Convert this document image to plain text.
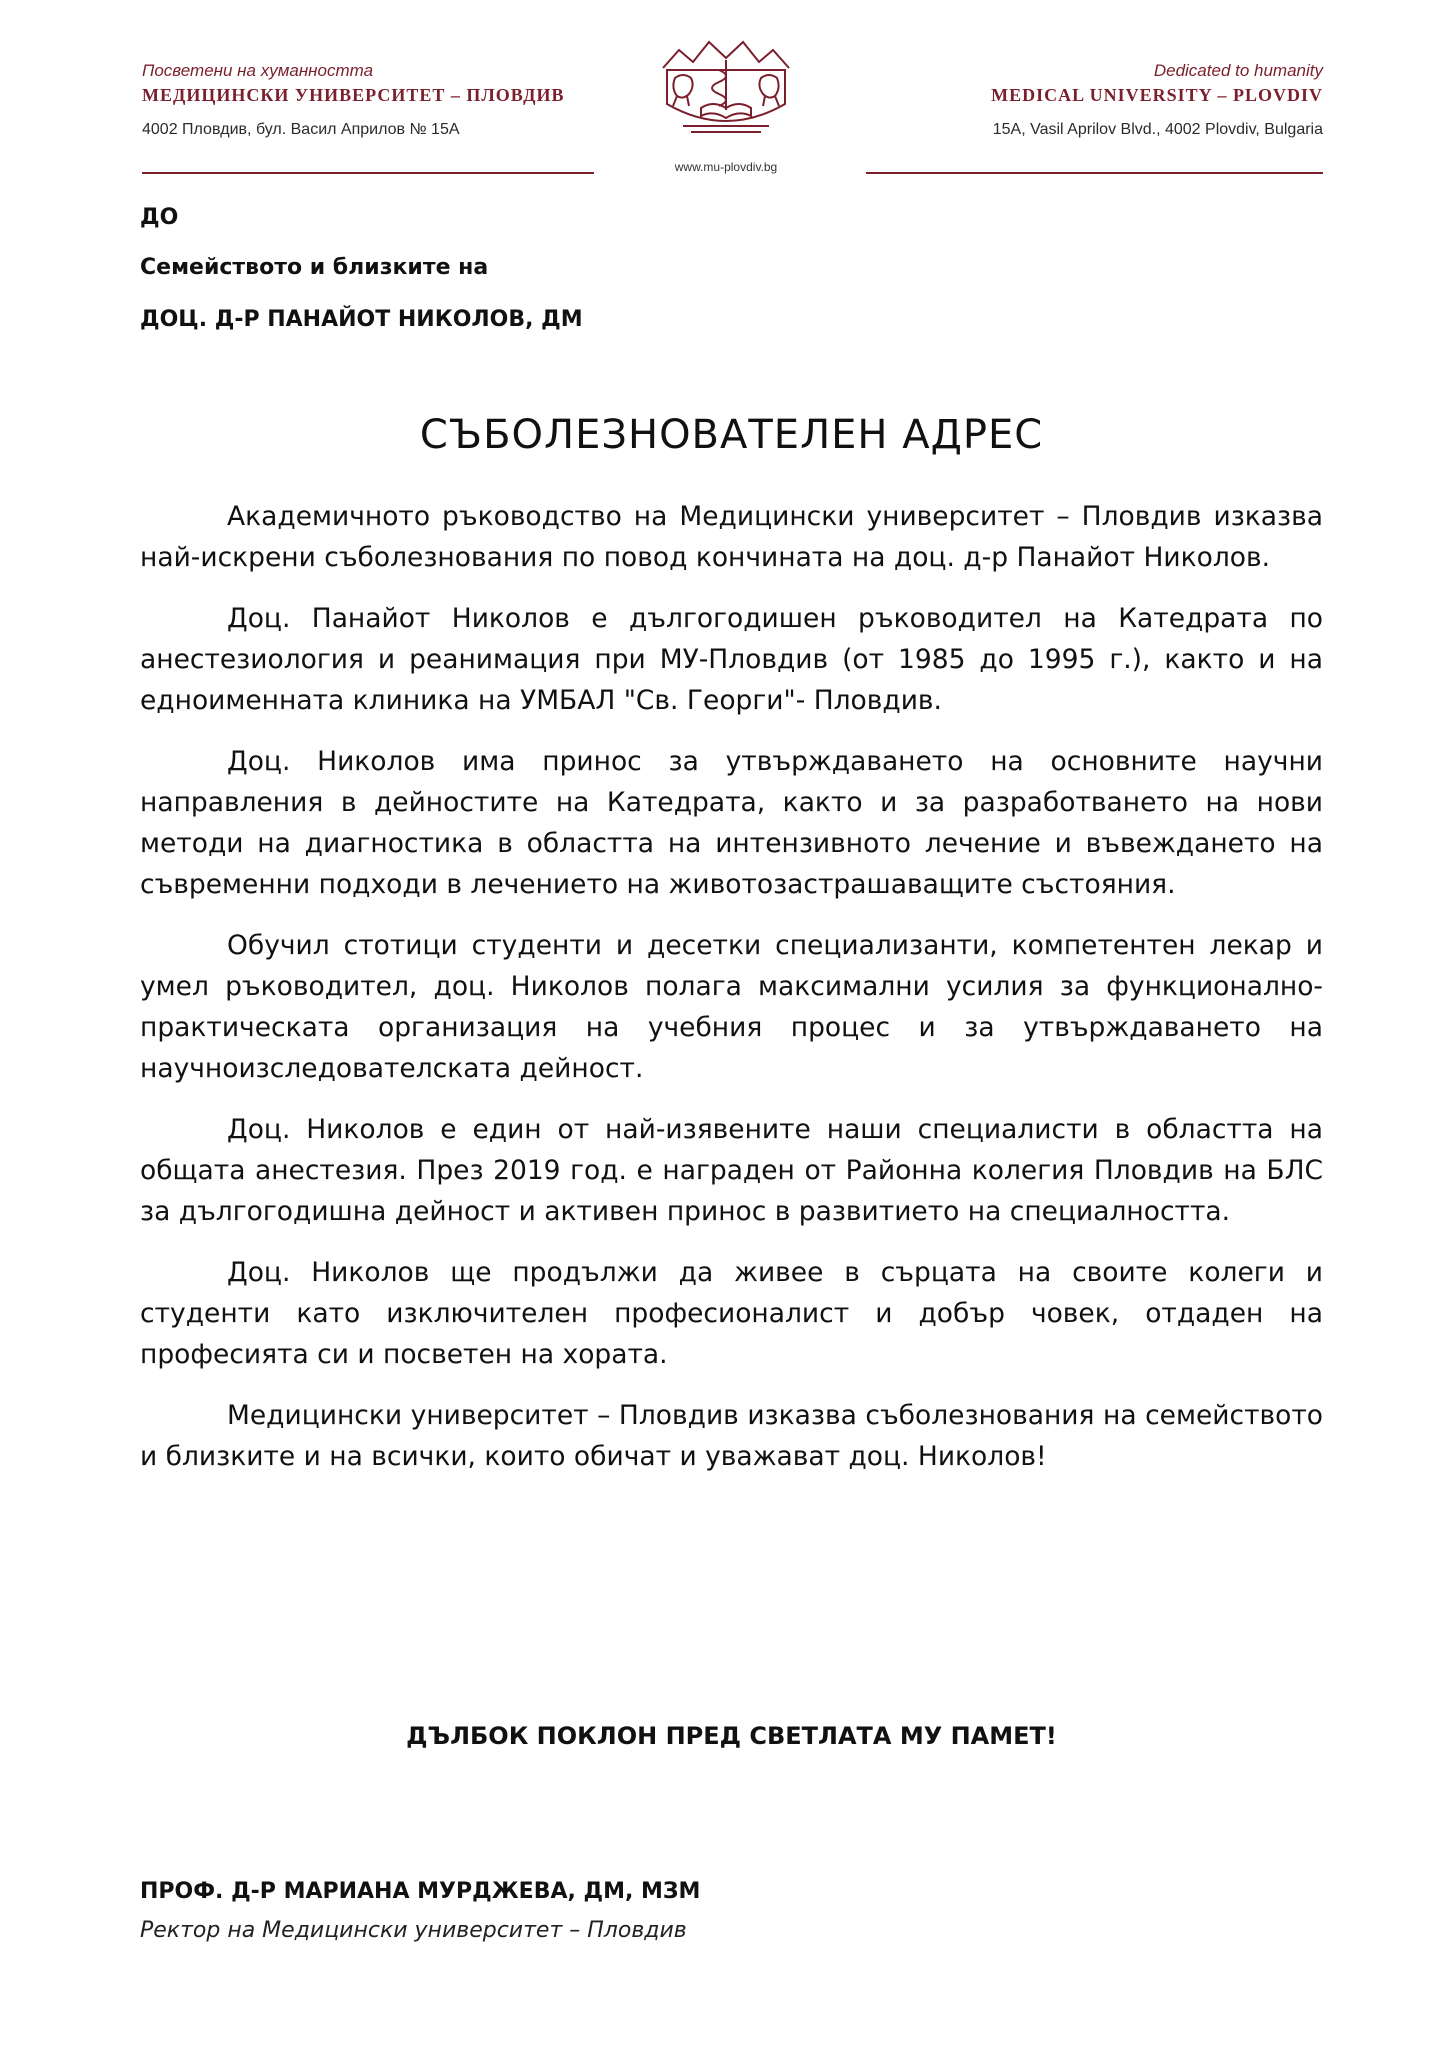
Посветени на хуманността

МЕДИЦИНСКИ УНИВЕРСИТЕТ – ПЛОВДИВ

4002 Пловдив, бул. Васил Априлов № 15А

Dedicated to humanity

MEDICAL UNIVERSITY – PLOVDIV

15A, Vasil Aprilov Blvd., 4002 Plovdiv, Bulgaria

www.mu-plovdiv.bg

ДО

Семейството и близките на

ДОЦ. Д-Р ПАНАЙОТ НИКОЛОВ, ДМ

СЪБОЛЕЗНОВАТЕЛЕН АДРЕС

Академичното ръководство на Медицински университет – Пловдив изказва най-искрени съболезнования по повод кончината на доц. д-р Панайот Николов.

Доц. Панайот Николов е дългогодишен ръководител на Катедрата по анестезиология и реанимация при МУ-Пловдив (от 1985 до 1995 г.), както и на едноименната клиника на УМБАЛ "Св. Георги"- Пловдив.

Доц. Николов има принос за утвърждаването на основните научни направления в дейностите на Катедрата, както и за разработването на нови методи на диагностика в областта на интензивното лечение и въвеждането на съвременни подходи в лечението на животозастрашаващите състояния.

Обучил стотици студенти и десетки специализанти, компетентен лекар и умел ръководител, доц. Николов полага максимални усилия за функционално-практическата организация на учебния процес и за утвърждаването на научноизследователската дейност.

Доц. Николов е един от най-изявените наши специалисти в областта на общата анестезия. През 2019 год. е награден от Районна колегия Пловдив на БЛС за дългогодишна дейност и активен принос в развитието на специалността.

Доц. Николов ще продължи да живее в сърцата на своите колеги и студенти като изключителен професионалист и добър човек, отдаден на професията си и посветен на хората.

Медицински университет – Пловдив изказва съболезнования на семейството и близките и на всички, които обичат и уважават доц. Николов!

ДЪЛБОК ПОКЛОН ПРЕД СВЕТЛАТА МУ ПАМЕТ!

ПРОФ. Д-Р МАРИАНА МУРДЖЕВА, ДМ, МЗМ

Ректор на Медицински университет – Пловдив
